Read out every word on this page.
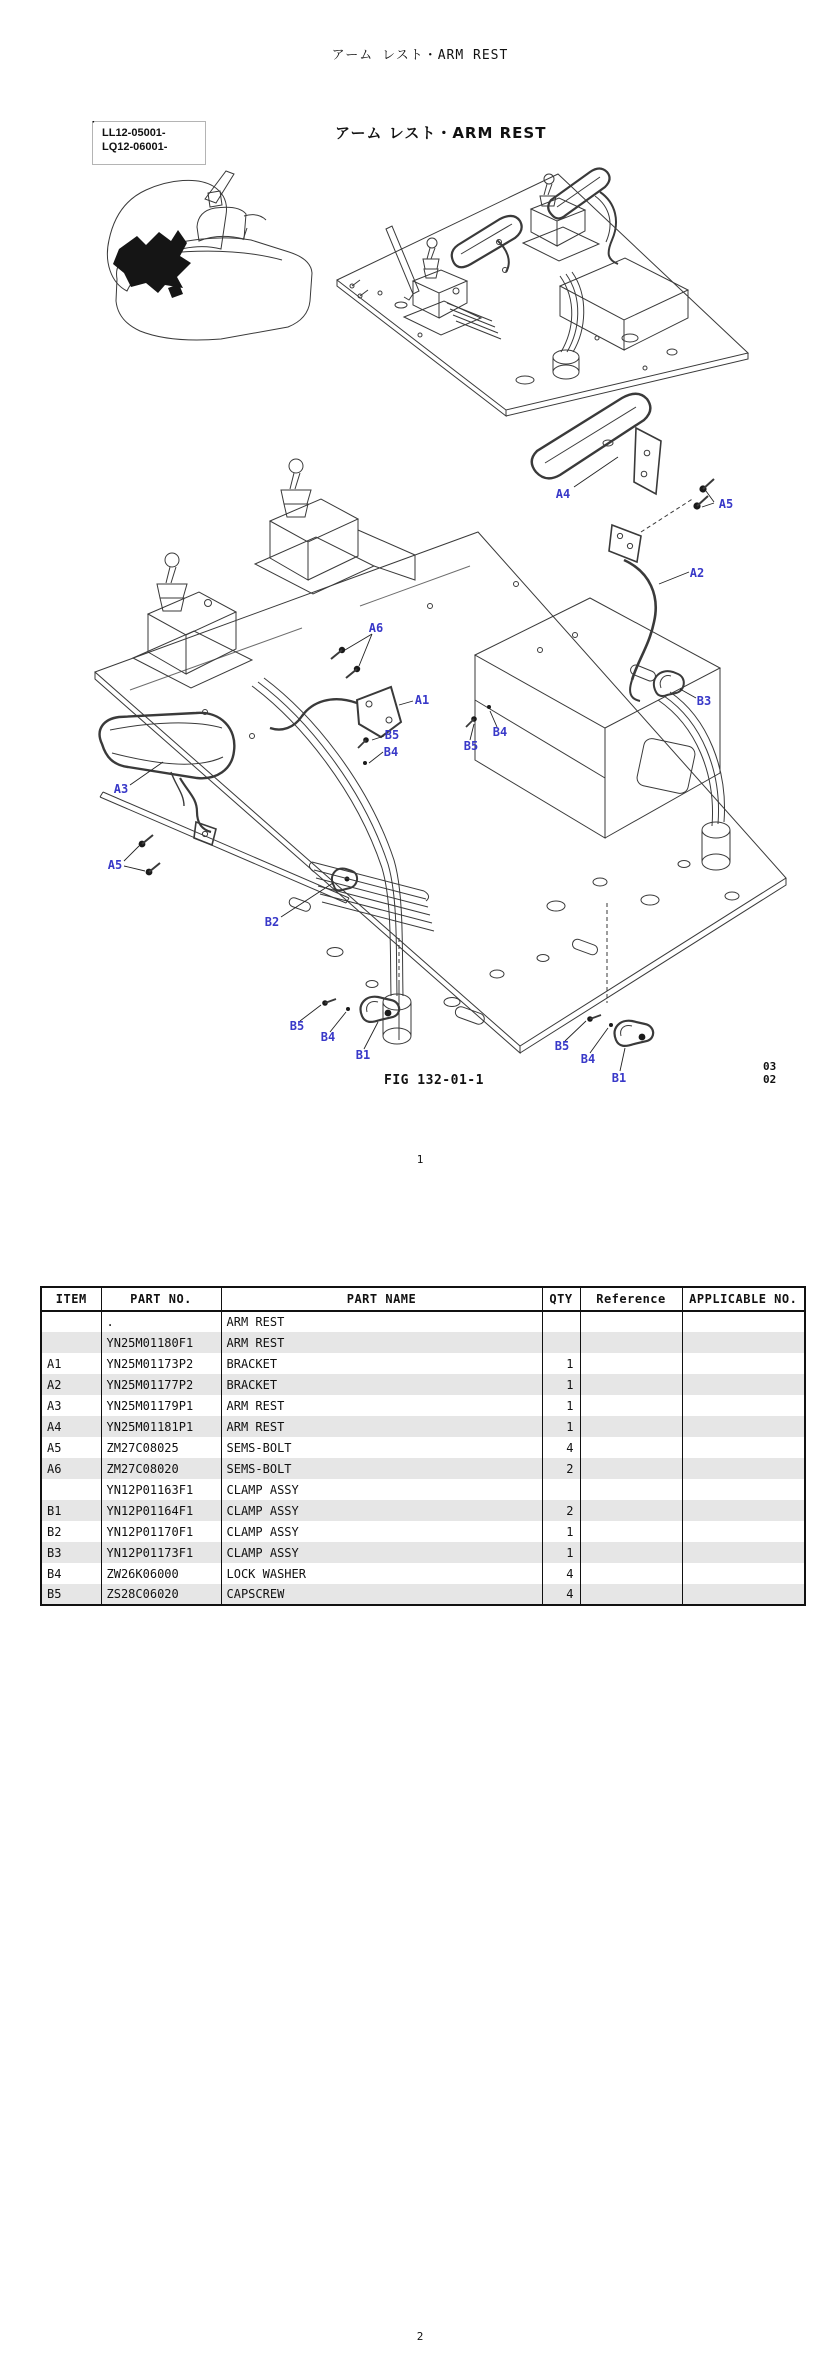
アーム レスト・ARM REST
·
LL12-05001-
LQ12-06001-
アーム レスト・ARM REST
A4
A5
A2
B3
A6
A1
B5
B4
B4
B5
A3
A5
B2
B5
B4
B1
B5
B4
B1
FIG 132-01-1
03
02
1
ITEM	PART NO.	PART NAME	QTY	Reference	APPLICABLE NO.
	.	ARM REST			
	YN25M01180F1	ARM REST			
A1	YN25M01173P2	BRACKET	1		
A2	YN25M01177P2	BRACKET	1		
A3	YN25M01179P1	ARM REST	1		
A4	YN25M01181P1	ARM REST	1		
A5	ZM27C08025	SEMS-BOLT	4		
A6	ZM27C08020	SEMS-BOLT	2		
	YN12P01163F1	CLAMP ASSY			
B1	YN12P01164F1	CLAMP ASSY	2		
B2	YN12P01170F1	CLAMP ASSY	1		
B3	YN12P01173F1	CLAMP ASSY	1		
B4	ZW26K06000	LOCK WASHER	4		
B5	ZS28C06020	CAPSCREW	4		
2
